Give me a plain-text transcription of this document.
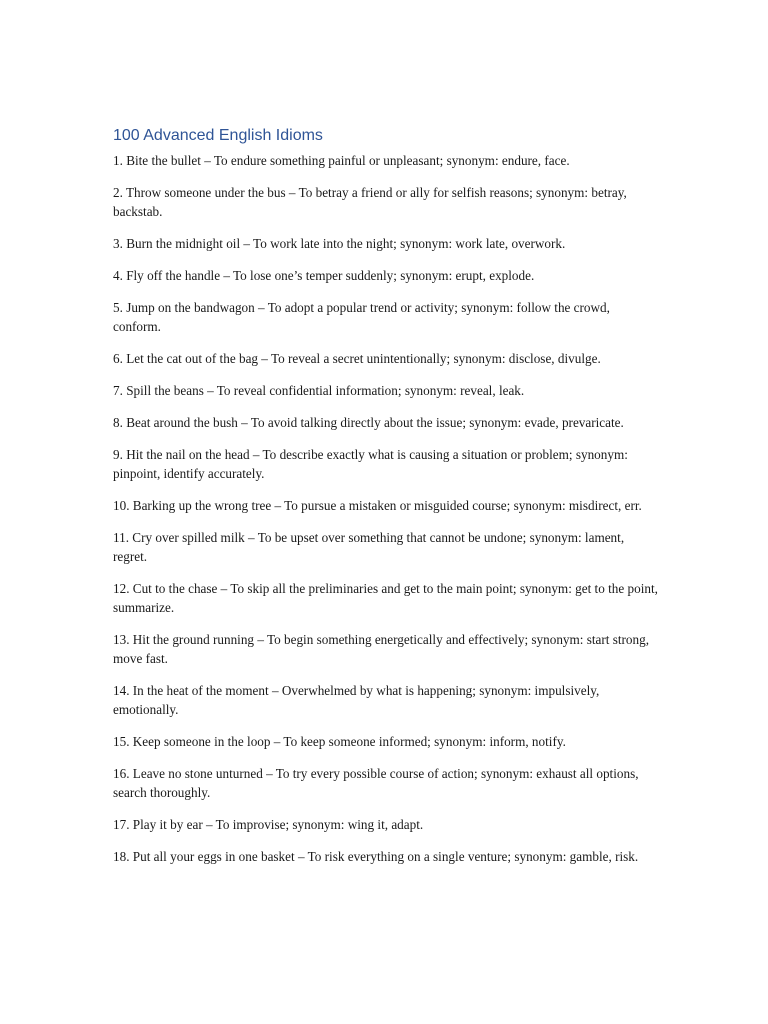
100 Advanced English Idioms

1. Bite the bullet – To endure something painful or unpleasant; synonym: endure, face.

2. Throw someone under the bus – To betray a friend or ally for selfish reasons; synonym: betray, backstab.

3. Burn the midnight oil – To work late into the night; synonym: work late, overwork.

4. Fly off the handle – To lose one’s temper suddenly; synonym: erupt, explode.

5. Jump on the bandwagon – To adopt a popular trend or activity; synonym: follow the crowd, conform.

6. Let the cat out of the bag – To reveal a secret unintentionally; synonym: disclose, divulge.

7. Spill the beans – To reveal confidential information; synonym: reveal, leak.

8. Beat around the bush – To avoid talking directly about the issue; synonym: evade, prevaricate.

9. Hit the nail on the head – To describe exactly what is causing a situation or problem; synonym: pinpoint, identify accurately.

10. Barking up the wrong tree – To pursue a mistaken or misguided course; synonym: misdirect, err.

11. Cry over spilled milk – To be upset over something that cannot be undone; synonym: lament, regret.

12. Cut to the chase – To skip all the preliminaries and get to the main point; synonym: get to the point, summarize.

13. Hit the ground running – To begin something energetically and effectively; synonym: start strong, move fast.

14. In the heat of the moment – Overwhelmed by what is happening; synonym: impulsively, emotionally.

15. Keep someone in the loop – To keep someone informed; synonym: inform, notify.

16. Leave no stone unturned – To try every possible course of action; synonym: exhaust all options, search thoroughly.

17. Play it by ear – To improvise; synonym: wing it, adapt.

18. Put all your eggs in one basket – To risk everything on a single venture; synonym: gamble, risk.
